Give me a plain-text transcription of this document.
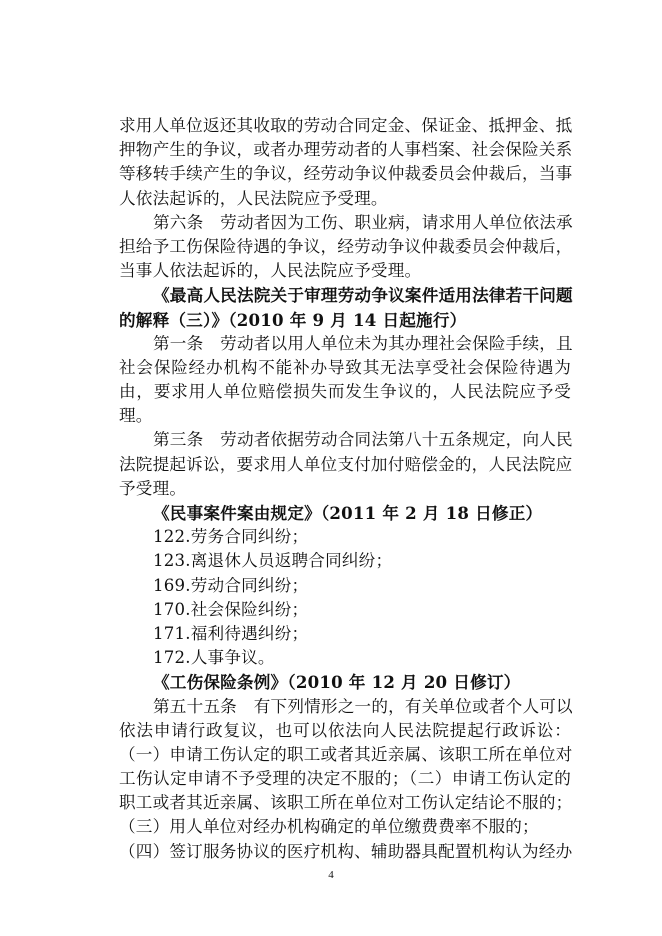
求用人单位返还其收取的劳动合同定金、保证金、抵押金、抵
押物产生的争议，或者办理劳动者的人事档案、社会保险关系
等移转手续产生的争议，经劳动争议仲裁委员会仲裁后，当事
人依法起诉的，人民法院应予受理。
第六条　劳动者因为工伤、职业病，请求用人单位依法承
担给予工伤保险待遇的争议，经劳动争议仲裁委员会仲裁后，
当事人依法起诉的，人民法院应予受理。
《最高人民法院关于审理劳动争议案件适用法律若干问题
的解释（三）》（2010 年 9 月 14 日起施行）
第一条　劳动者以用人单位未为其办理社会保险手续，且
社会保险经办机构不能补办导致其无法享受社会保险待遇为
由，要求用人单位赔偿损失而发生争议的，人民法院应予受
理。
第三条　劳动者依据劳动合同法第八十五条规定，向人民
法院提起诉讼，要求用人单位支付加付赔偿金的，人民法院应
予受理。
《民事案件案由规定》（2011 年 2 月 18 日修正）
122.劳务合同纠纷；
123.离退休人员返聘合同纠纷；
169.劳动合同纠纷；
170.社会保险纠纷；
171.福利待遇纠纷；
172.人事争议。
《工伤保险条例》（2010 年 12 月 20 日修订）
第五十五条　有下列情形之一的，有关单位或者个人可以
依法申请行政复议，也可以依法向人民法院提起行政诉讼：
（一）申请工伤认定的职工或者其近亲属、该职工所在单位对
工伤认定申请不予受理的决定不服的；（二）申请工伤认定的
职工或者其近亲属、该职工所在单位对工伤认定结论不服的；
（三）用人单位对经办机构确定的单位缴费费率不服的；
（四）签订服务协议的医疗机构、辅助器具配置机构认为经办
4
